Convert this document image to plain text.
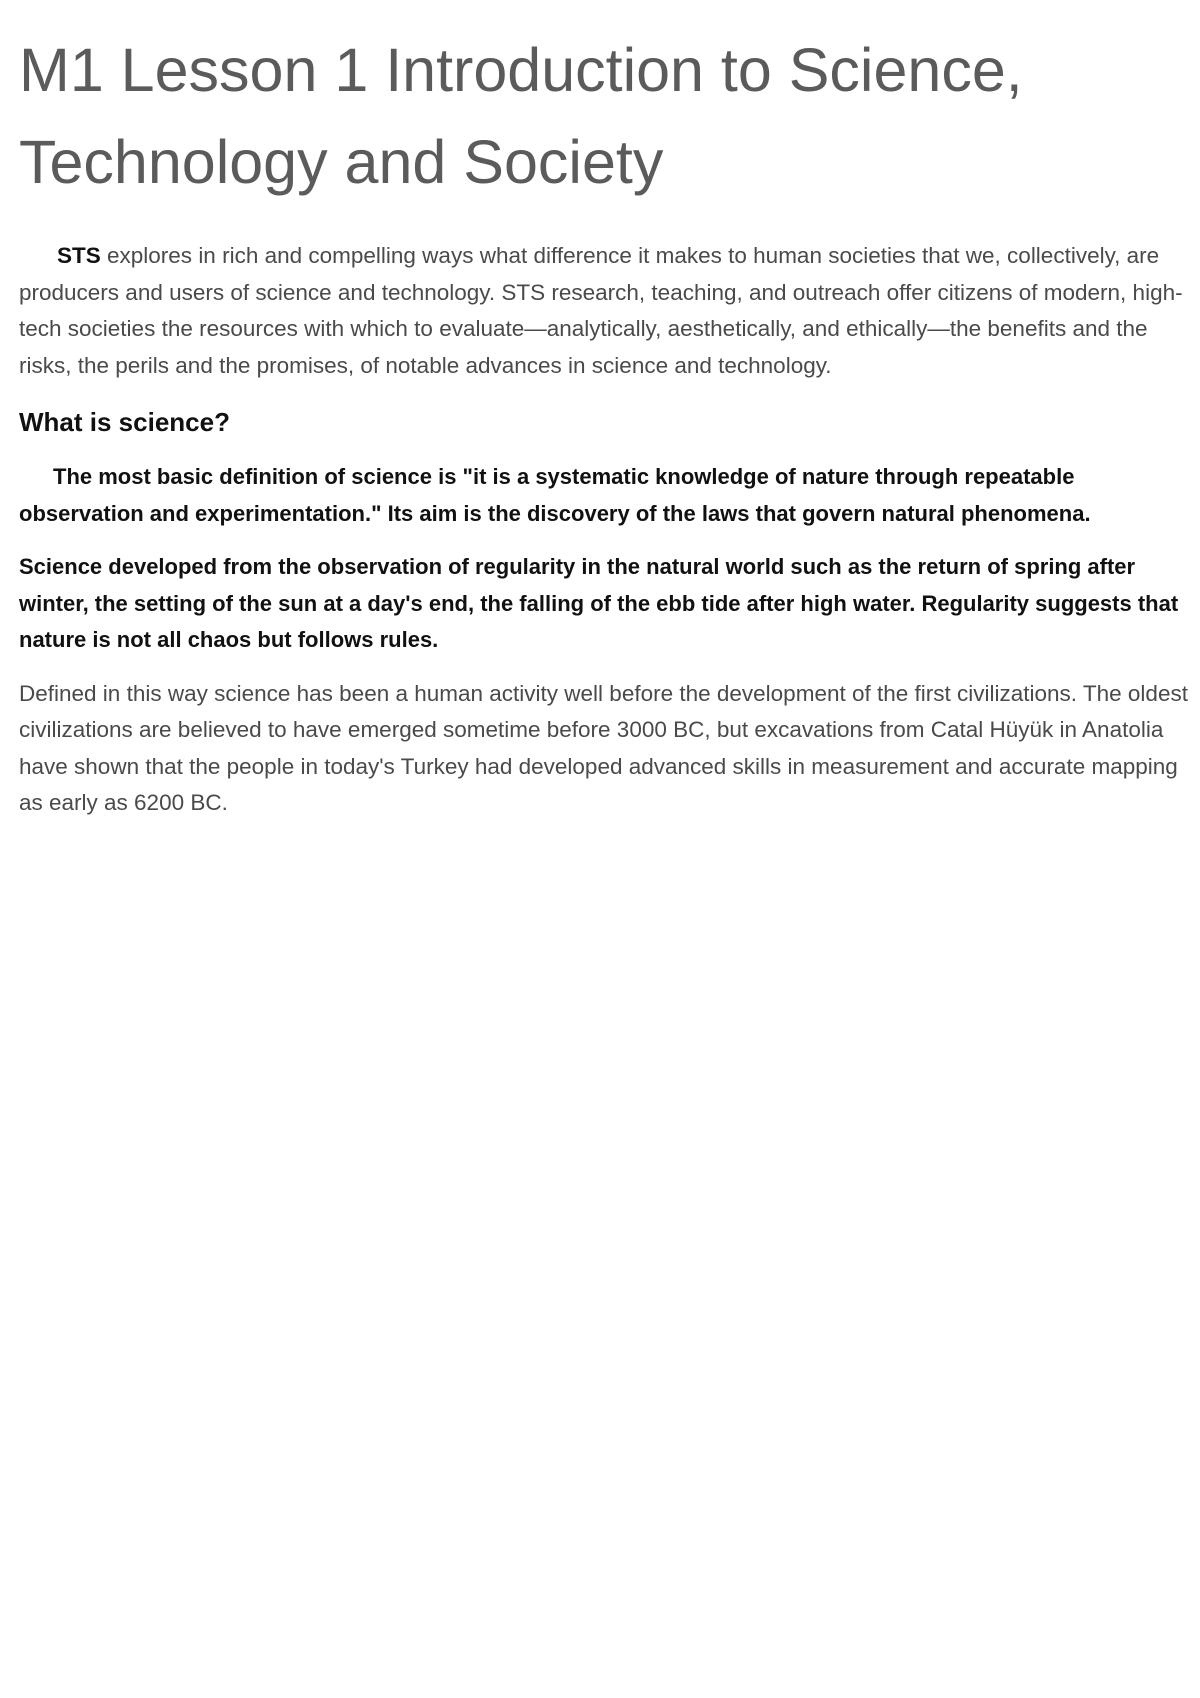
M1 Lesson 1 Introduction to Science, Technology and Society

STS explores in rich and compelling ways what difference it makes to human societies that we, collectively, are producers and users of science and technology. STS research, teaching, and outreach offer citizens of modern, high-tech societies the resources with which to evaluate—analytically, aesthetically, and ethically—the benefits and the risks, the perils and the promises, of notable advances in science and technology.

What is science?

The most basic definition of science is "it is a systematic knowledge of nature through repeatable observation and experimentation." Its aim is the discovery of the laws that govern natural phenomena.

Science developed from the observation of regularity in the natural world such as the return of spring after winter, the setting of the sun at a day's end, the falling of the ebb tide after high water. Regularity suggests that nature is not all chaos but follows rules.

Defined in this way science has been a human activity well before the development of the first civilizations. The oldest civilizations are believed to have emerged sometime before 3000 BC, but excavations from Catal Hüyük in Anatolia have shown that the people in today's Turkey had developed advanced skills in measurement and accurate mapping as early as 6200 BC.
